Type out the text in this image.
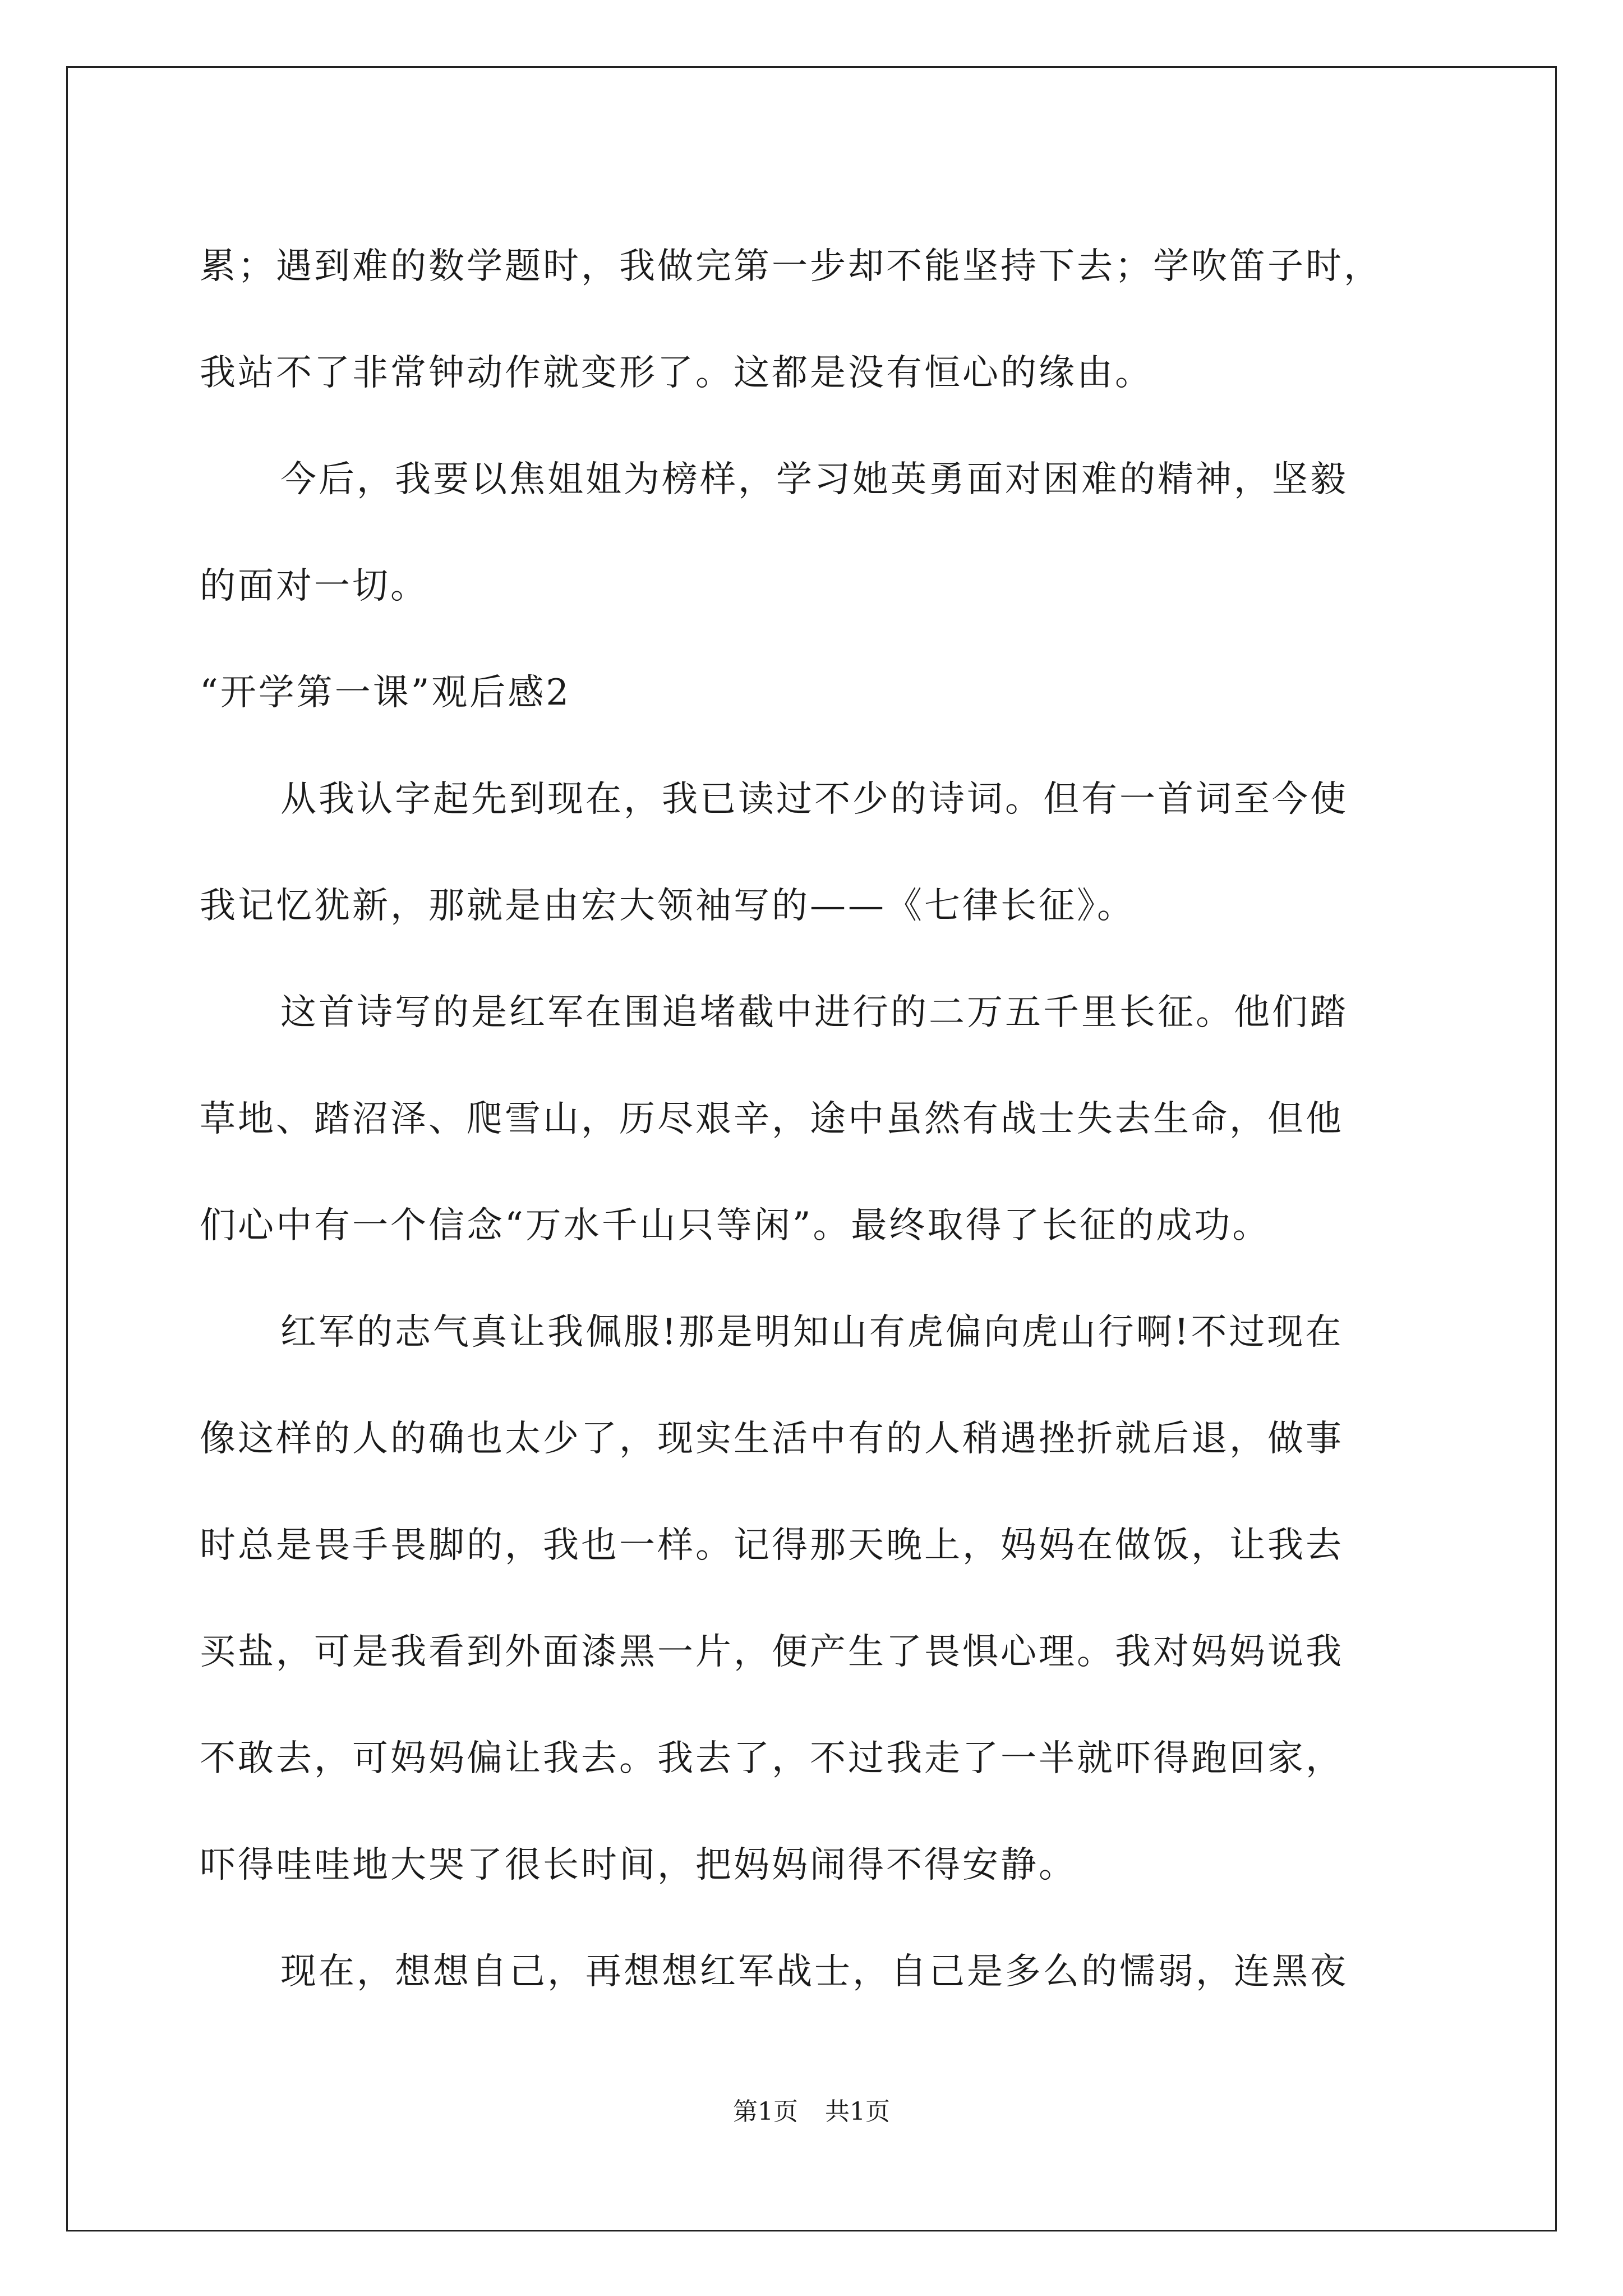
累；遇到难的数学题时，我做完第一步却不能坚持下去；学吹笛子时，
我站不了非常钟动作就变形了。这都是没有恒心的缘由。
今后，我要以焦姐姐为榜样，学习她英勇面对困难的精神，坚毅
的面对一切。
“开学第一课”观后感2
从我认字起先到现在，我已读过不少的诗词。但有一首词至今使
我记忆犹新，那就是由宏大领袖写的——《七律长征》。
这首诗写的是红军在围追堵截中进行的二万五千里长征。他们踏
草地、踏沼泽、爬雪山，历尽艰辛，途中虽然有战士失去生命，但他
们心中有一个信念“万水千山只等闲”。最终取得了长征的成功。
红军的志气真让我佩服!那是明知山有虎偏向虎山行啊!不过现在
像这样的人的确也太少了，现实生活中有的人稍遇挫折就后退，做事
时总是畏手畏脚的，我也一样。记得那天晚上，妈妈在做饭，让我去
买盐，可是我看到外面漆黑一片，便产生了畏惧心理。我对妈妈说我
不敢去，可妈妈偏让我去。我去了，不过我走了一半就吓得跑回家，
吓得哇哇地大哭了很长时间，把妈妈闹得不得安静。
现在，想想自己，再想想红军战士，自己是多么的懦弱，连黑夜
第1页 共1页
